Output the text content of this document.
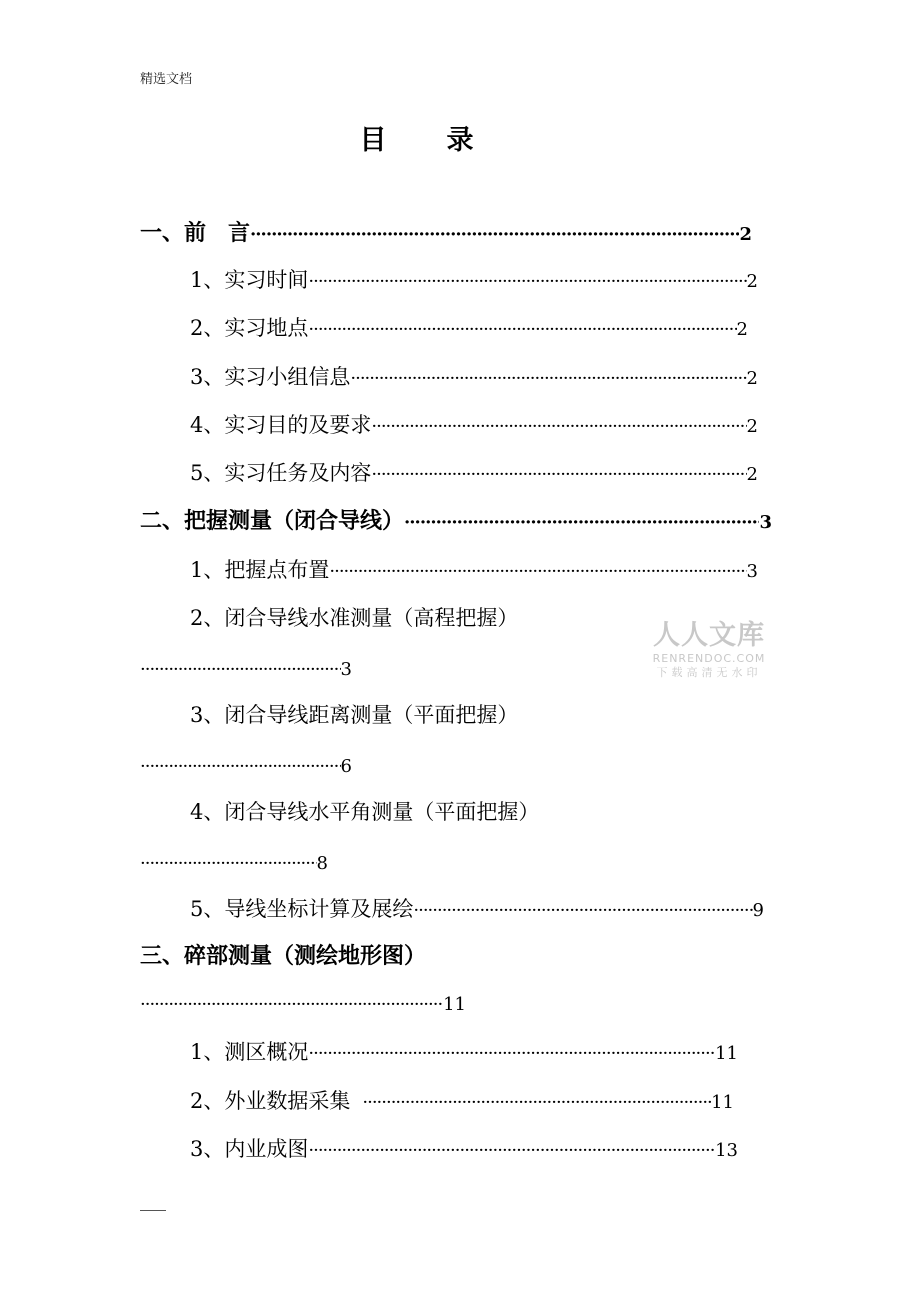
精选文档
目　　录
一、前　言 ·····	2
1、实习时间 ·····	2
2、实习地点 ·····	2
3、实习小组信息 ·····	2
4、实习目的及要求 ·····	2
5、实习任务及内容 ·····	2
二、把握测量（闭合导线） ·····	3
1、把握点布置 ·····	3
2、闭合导线水准测量（高程把握）
·····
3
3、闭合导线距离测量（平面把握）
·····
6
4、闭合导线水平角测量（平面把握）
·····
8
5、导线坐标计算及展绘 ·····	9
三、碎部测量（测绘地形图）
·····
11
1、测区概况 ·····	11
2、外业数据采集 ·····	11
3、内业成图 ·····	13
人人文库
RENRENDOC.COM
下载高清无水印
